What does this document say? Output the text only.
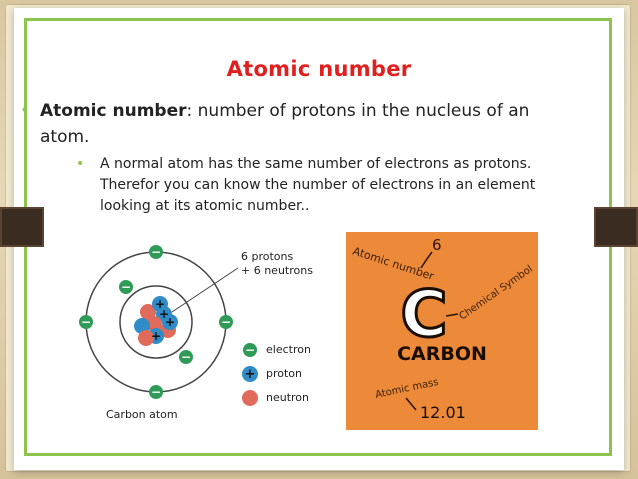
Atomic number
• Atomic number: number of protons in the nucleus of an atom.
• A normal atom has the same number of electrons as protons. Therefor you can know the number of electrons in an element looking at its atomic number..
−
−
−	−
−
−
+
+
+
+
6 protons
+ 6 neutrons
− electron
+ proton
neutron
Carbon atom
Atomic number
6
Chemical Symbol
C
CARBON
Atomic mass
12.01
